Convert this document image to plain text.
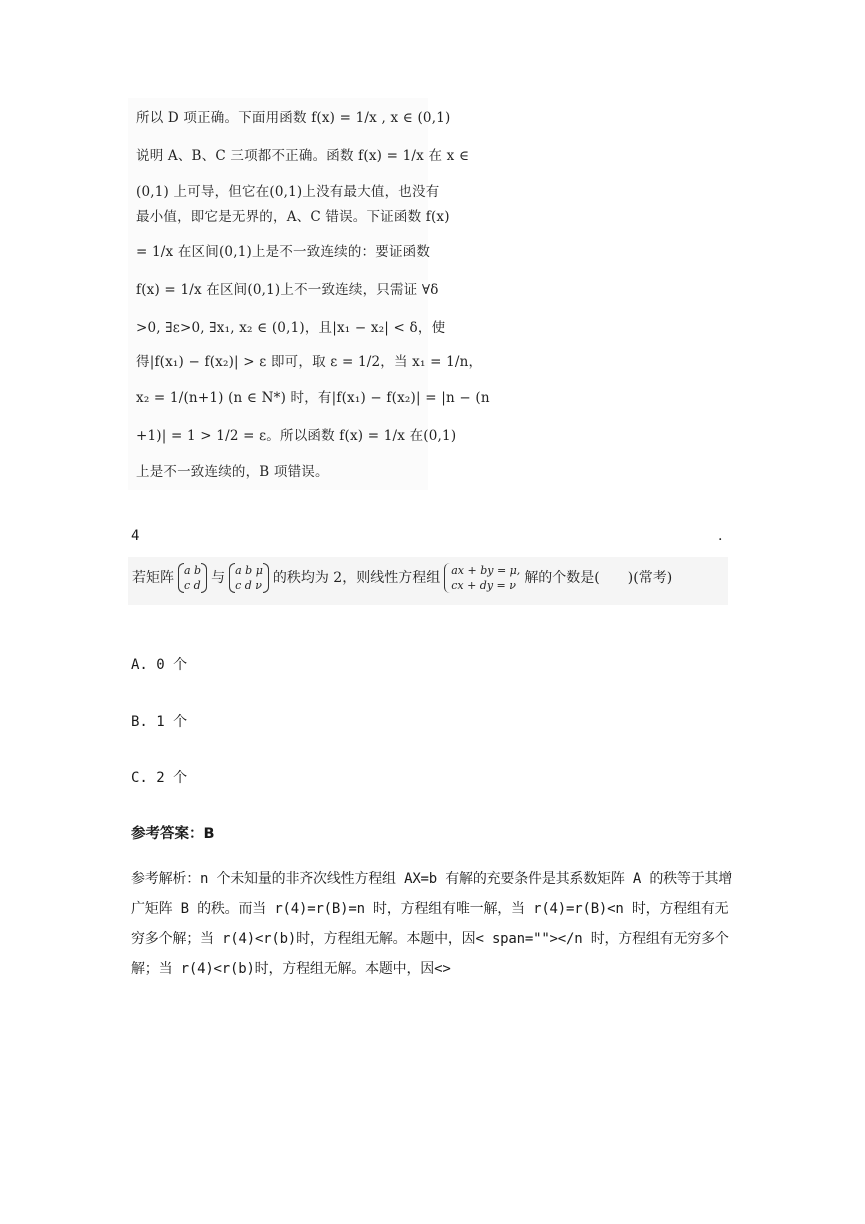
所以 D 项正确。下面用函数 f(x) = 1/x , x ∈ (0,1)
说明 A、B、C 三项都不正确。函数 f(x) = 1/x 在 x ∈
(0,1) 上可导，但它在(0,1)上没有最大值，也没有
最小值，即它是无界的，A、C 错误。下证函数 f(x)
= 1/x 在区间(0,1)上是不一致连续的：要证函数
f(x) = 1/x 在区间(0,1)上不一致连续，只需证 ∀δ
>0, ∃ε>0, ∃x₁, x₂ ∈ (0,1)，且|x₁ − x₂| < δ，使
得|f(x₁) − f(x₂)| > ε 即可，取 ε = 1/2，当 x₁ = 1/n，
x₂ = 1/(n+1) (n ∈ N*) 时，有|f(x₁) − f(x₂)| = |n − (n
+1)| = 1 > 1/2 = ε。所以函数 f(x) = 1/x 在(0,1)
上是不一致连续的，B 项错误。
4	.
若矩阵 a b
c d 与 a b μ
c d ν 的秩均为 2，则线性方程组 ax + by = μ,
cx + dy = ν 解的个数是(　　)(常考)
A. 0 个
B. 1 个
C. 2 个
参考答案：B
参考解析：n 个未知量的非齐次线性方程组 AX=b 有解的充要条件是其系数矩阵 A 的秩等于其增广矩阵 B 的秩。而当 r(4)=r(B)=n 时，方程组有唯一解，当 r(4)=r(B)<n 时，方程组有无穷多个解；当 r(4)<r(b)时，方程组无解。本题中，因< span=""></n 时，方程组有无穷多个解；当 r(4)<r(b)时，方程组无解。本题中，因<>
